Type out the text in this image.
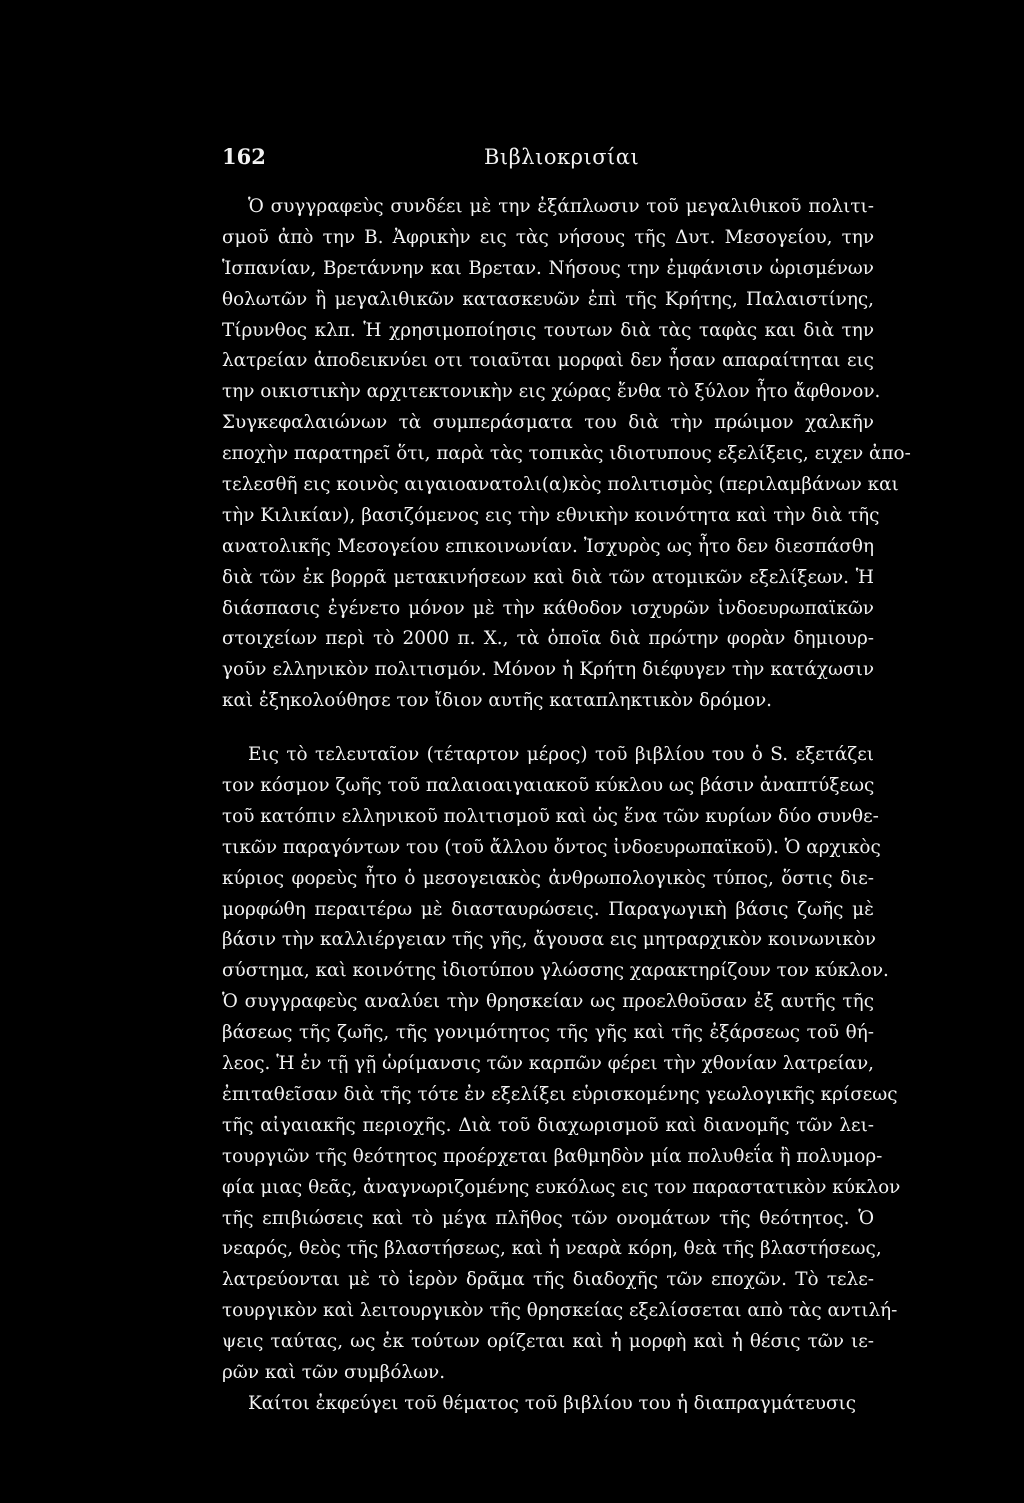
162	Βιβλιοκρισίαι
Ὁ συγγραφεὺς συνδέει μὲ την ἐξάπλωσιν τοῦ μεγαλιθικοῦ πολιτι-
σμοῦ ἀπὸ την Β. Ἀφρικὴν εις τὰς νήσους τῆς Δυτ. Μεσογείου, την
Ἱσπανίαν, Βρετάννην και Βρεταν. Νήσους την ἐμφάνισιν ὡρισμένων
θολωτῶν ἢ μεγαλιθικῶν κατασκευῶν ἐπὶ τῆς Κρήτης, Παλαιστίνης,
Τίρυνθος κλπ. Ἡ χρησιμοποίησις τουτων διὰ τὰς ταφὰς και διὰ την
λατρείαν ἀποδεικνύει οτι τοιαῦται μορφαὶ δεν ἦσαν απαραίτηται εις
την οικιστικὴν αρχιτεκτονικὴν εις χώρας ἔνθα τὸ ξύλον ἦτο ἄφθονον.
Συγκεφαλαιώνων τὰ συμπεράσματα του διὰ τὴν πρώιμον χαλκῆν
εποχὴν παρατηρεῖ ὅτι, παρὰ τὰς τοπικὰς ιδιοτυπους εξελίξεις, ειχεν ἀπο-
τελεσθῆ εις κοινὸς αιγαιοανατολι(α)κὸς πολιτισμὸς (περιλαμβάνων και
τὴν Κιλικίαν), βασιζόμενος εις τὴν εθνικὴν κοινότητα καὶ τὴν διὰ τῆς
ανατολικῆς Μεσογείου επικοινωνίαν. Ἰσχυρὸς ως ἦτο δεν διεσπάσθη
διὰ τῶν ἐκ βορρᾶ μετακινήσεων καὶ διὰ τῶν ατομικῶν εξελίξεων. Ἡ
διάσπασις ἐγένετο μόνον μὲ τὴν κάθοδον ισχυρῶν ἰνδοευρωπαϊκῶν
στοιχείων περὶ τὸ 2000 π. Χ., τὰ ὁποῖα διὰ πρώτην φορὰν δημιουρ-
γοῦν ελληνικὸν πολιτισμόν. Μόνον ἡ Κρήτη διέφυγεν τὴν κατάχωσιν
καὶ ἐξηκολούθησε τον ἴδιον αυτῆς καταπληκτικὸν δρόμον.
Εις τὸ τελευταῖον (τέταρτον μέρος) τοῦ βιβλίου του ὁ S. εξετάζει
τον κόσμον ζωῆς τοῦ παλαιοαιγαιακοῦ κύκλου ως βάσιν ἀναπτύξεως
τοῦ κατόπιν ελληνικοῦ πολιτισμοῦ καὶ ὡς ἕνα τῶν κυρίων δύο συνθε-
τικῶν παραγόντων του (τοῦ ἄλλου ὄντος ἰνδοευρωπαϊκοῦ). Ὁ αρχικὸς
κύριος φορεὺς ἦτο ὁ μεσογειακὸς ἀνθρωπολογικὸς τύπος, ὅστις διε-
μορφώθη περαιτέρω μὲ διασταυρώσεις. Παραγωγικὴ βάσις ζωῆς μὲ
βάσιν τὴν καλλιέργειαν τῆς γῆς, ἄγουσα εις μητραρχικὸν κοινωνικὸν
σύστημα, καὶ κοινότης ἰδιοτύπου γλώσσης χαρακτηρίζουν τον κύκλον.
Ὁ συγγραφεὺς αναλύει τὴν θρησκείαν ως προελθοῦσαν ἐξ αυτῆς τῆς
βάσεως τῆς ζωῆς, τῆς γονιμότητος τῆς γῆς καὶ τῆς ἐξάρσεως τοῦ θή-
λεος. Ἡ ἐν τῇ γῇ ὡρίμανσις τῶν καρπῶν φέρει τὴν χθονίαν λατρείαν,
ἐπιταθεῖσαν διὰ τῆς τότε ἐν εξελίξει εὑρισκομένης γεωλογικῆς κρίσεως
τῆς αἰγαιακῆς περιοχῆς. Διὰ τοῦ διαχωρισμοῦ καὶ διανομῆς τῶν λει-
τουργιῶν τῆς θεότητος προέρχεται βαθμηδὸν μία πολυθεΐα ἢ πολυμορ-
φία μιας θεᾶς, ἀναγνωριζομένης ευκόλως εις τον παραστατικὸν κύκλον
τῆς επιβιώσεις καὶ τὸ μέγα πλῆθος τῶν ονομάτων τῆς θεότητος. Ὁ
νεαρός, θεὸς τῆς βλαστήσεως, καὶ ἡ νεαρὰ κόρη, θεὰ τῆς βλαστήσεως,
λατρεύονται μὲ τὸ ἱερὸν δρᾶμα τῆς διαδοχῆς τῶν εποχῶν. Τὸ τελε-
τουργικὸν καὶ λειτουργικὸν τῆς θρησκείας εξελίσσεται απὸ τὰς αντιλή-
ψεις ταύτας, ως ἐκ τούτων ορίζεται καὶ ἡ μορφὴ καὶ ἡ θέσις τῶν ιε-
ρῶν καὶ τῶν συμβόλων.
Καίτοι ἐκφεύγει τοῦ θέματος τοῦ βιβλίου του ἡ διαπραγμάτευσις
